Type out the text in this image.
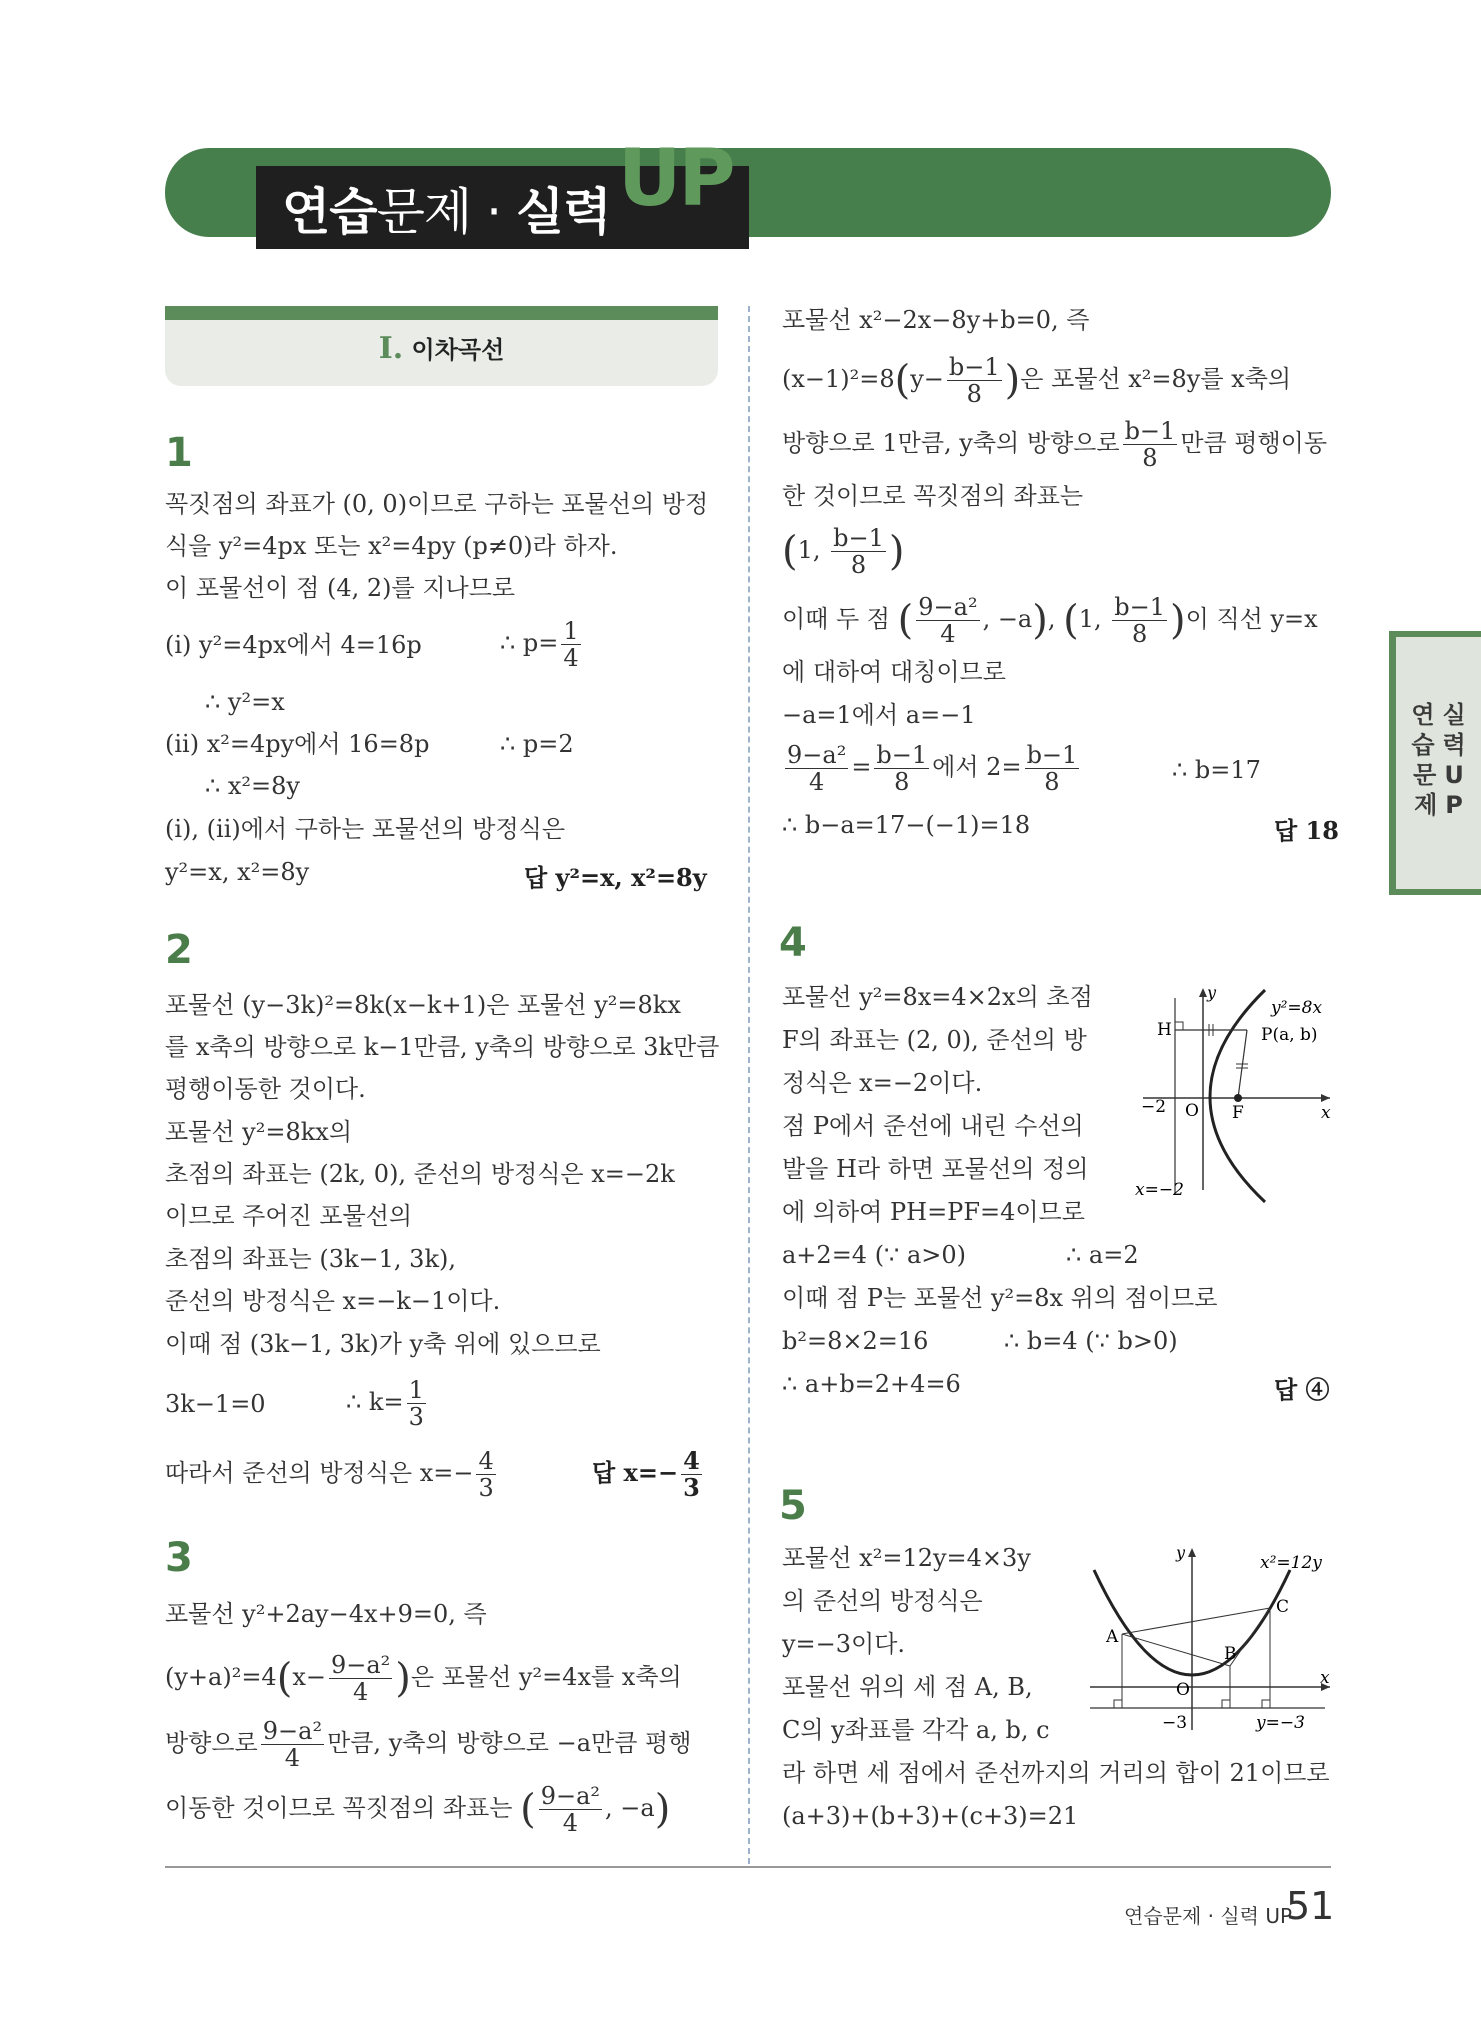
연습문제 · 실력 UP
Ⅰ. 이차곡선
연 실
습 력
문 U
제 P
1
꼭짓점의 좌표가 (0, 0)이므로 구하는 포물선의 방정
식을 y²=4px 또는 x²=4py (p≠0)라 하자.
이 포물선이 점 (4, 2)를 지나므로
(i) y²=4px에서 4=16p	∴ $p= \frac{1}{4}$
∴ y²=x
(ii) x²=4py에서 16=8p	∴ p=2
∴ x²=8y
(i), (ii)에서 구하는 포물선의 방정식은
y²=x, x²=8y	답 y²=x, x²=8y
2
포물선 (y−3k)²=8k(x−k+1)은 포물선 y²=8kx
를 x축의 방향으로 k−1만큼, y축의 방향으로 3k만큼
평행이동한 것이다.
포물선 y²=8kx의
초점의 좌표는 (2k, 0), 준선의 방정식은 x=−2k
이므로 주어진 포물선의
초점의 좌표는 (3k−1, 3k),
준선의 방정식은 x=−k−1이다.
이때 점 (3k−1, 3k)가 y축 위에 있으므로
3k−1=0	∴ $k= \frac{1}{3}$
따라서 준선의 방정식은 $x=- \frac{4}{3}$	답 $x=- \frac{4}{3}$
3
포물선 y²+2ay−4x+9=0, 즉
$(y+a)^2=4(x- \frac{\text{9−a²}}{4}$ )은 포물선 y²=4x를 x축의
방향으로 $\frac{\text{9−a²}}{4}$ 만큼, y축의 방향으로 −a만큼 평행
이동한 것이므로 꼭짓점의 좌표는 ( $\frac{\text{9−a²}}{4}$ , −a)
포물선 x²−2x−8y+b=0, 즉
$(x-1)^2=8(y- \frac{b-1}{8}$ )은 포물선 x²=8y를 x축의
방향으로 1만큼, y축의 방향으로 $\frac{b-1}{8}$ 만큼 평행이동
한 것이므로 꼭짓점의 좌표는
(1, $\frac{b-1}{8}$ )
이때 두 점 ( $\frac{\text{9−a²}}{4}$ , −a), (1, $\frac{b-1}{8}$ )이 직선 y=x
에 대하여 대칭이므로
−a=1에서 a=−1
$\frac{\text{9−a²}}{4} = \frac{b-1}{8}$ 에서 $2= \frac{b-1}{8}$	∴ b=17
∴ b−a=17−(−1)=18	답 18
4
포물선 y²=8x=4×2x의 초점
F의 좌표는 (2, 0), 준선의 방
정식은 x=−2이다.
점 P에서 준선에 내린 수선의
발을 H라 하면 포물선의 정의
에 의하여 PH=PF=4이므로
a+2=4 (∵ a>0)	∴ a=2
이때 점 P는 포물선 y²=8x 위의 점이므로
b²=8×2=16	∴ b=4 (∵ b>0)
∴ a+b=2+4=6	답 ④
y
x
y²=8x
P(a, b)
H
O F
−2
x=−2
5
포물선 x²=12y=4×3y
의 준선의 방정식은
y=−3이다.
포물선 위의 세 점 A, B,
C의 y좌표를 각각 a, b, c
라 하면 세 점에서 준선까지의 거리의 합이 21이므로
(a+3)+(b+3)+(c+3)=21
y
x
x²=12y
A
B
C
O
−3	y=−3
연습문제 · 실력 UP
51
